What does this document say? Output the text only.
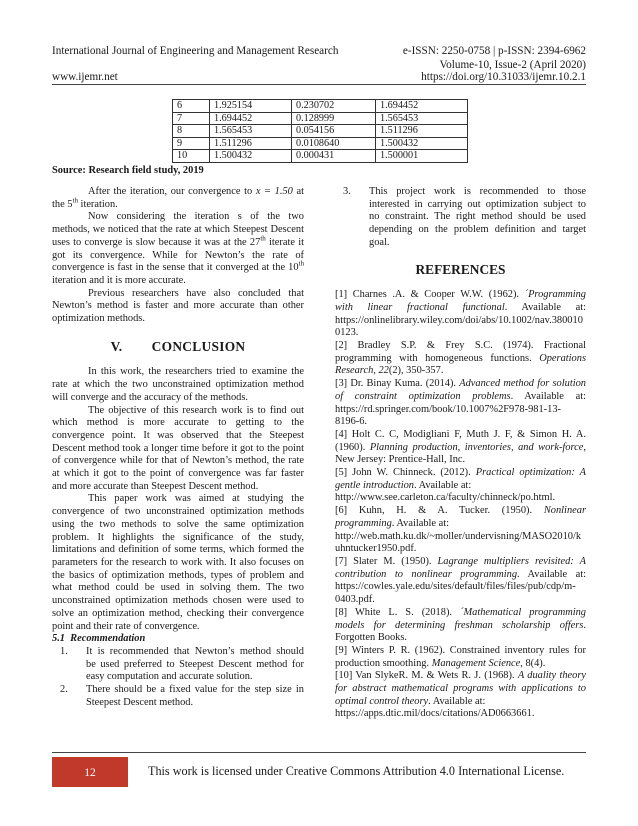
International Journal of Engineering and Management Research	e-ISSN: 2250-0758 | p-ISSN: 2394-6962
Volume-10, Issue-2 (April 2020)
www.ijemr.net	https://doi.org/10.31033/ijemr.10.2.1
6	1.925154	0.230702	1.694452
7	1.694452	0.128999	1.565453
8	1.565453	0.054156	1.511296
9	1.511296	0.0108640	1.500432
10	1.500432	0.000431	1.500001
Source: Research field study, 2019

After the iteration, our convergence to x = 1.50 at
the 5th iteration.

Now considering the iteration s of the two
methods, we noticed that the rate at which Steepest Descent
uses to converge is slow because it was at the 27th iterate it
got its convergence. While for Newton’s the rate of
convergence is fast in the sense that it converged at the 10th
iteration and it is more accurate.

Previous researchers have also concluded that
Newton’s method is faster and more accurate than other
optimization methods.

V.        CONCLUSION

In this work, the researchers tried to examine the
rate at which the two unconstrained optimization method
will converge and the accuracy of the methods.

The objective of this research work is to find out
which method is more accurate to getting to the
convergence point. It was observed that the Steepest
Descent method took a longer time before it got to the point
of convergence while for that of Newton’s method, the rate
at which it got to the point of convergence was far faster
and more accurate than Steepest Descent method.

This paper work was aimed at studying the
convergence of two unconstrained optimization methods
using the two methods to solve the same optimization
problem. It highlights the significance of the study,
limitations and definition of some terms, which formed the
parameters for the research to work with. It also focuses on
the basics of optimization methods, types of problem and
what method could be used in solving them. The two
unconstrained optimization methods chosen were used to
solve an optimization method, checking their convergence
point and their rate of convergence.

5.1  Recommendation
1.	It is recommended that Newton’s method should
be used preferred to Steepest Descent method for
easy computation and accurate solution.
2.	There should be a fixed value for the step size in
Steepest Descent method.
3.	This project work is recommended to those
interested in carrying out optimization subject to
no constraint. The right method should be used
depending on the problem definition and target
goal.
REFERENCES
[1] Charnes .A. & Cooper W.W. (1962). ´Programming
with linear fractional functional. Available at:
https://onlinelibrary.wiley.com/doi/abs/10.1002/nav.380010
0123.
[2] Bradley S.P. & Frey S.C. (1974). Fractional
programming with homogeneous functions. Operations
Research, 22(2), 350-357.
[3] Dr. Binay Kuma. (2014). Advanced method for solution
of constraint optimization problems. Available at:
https://rd.springer.com/book/10.1007%2F978-981-13-
8196-6.
[4] Holt C. C, Modigliani F, Muth J. F, & Simon H. A.
(1960). Planning production, inventories, and work-force,
New Jersey: Prentice-Hall, Inc.
[5] John W. Chinneck. (2012). Practical optimization: A
gentle introduction. Available at:
http://www.see.carleton.ca/faculty/chinneck/po.html.
[6] Kuhn, H. & A. Tucker. (1950). Nonlinear
programming. Available at:
http://web.math.ku.dk/~moller/undervisning/MASO2010/k
uhntucker1950.pdf.
[7] Slater M. (1950). Lagrange multipliers revisited: A
contribution to nonlinear programming. Available at:
https://cowles.yale.edu/sites/default/files/files/pub/cdp/m-
0403.pdf.
[8] White L. S. (2018). ´Mathematical programming
models for determining freshman scholarship offers.
Forgotten Books.
[9] Winters P. R. (1962). Constrained inventory rules for
production smoothing. Management Science, 8(4).
[10] Van SlykeR. M. & Wets R. J. (1968). A duality theory
for abstract mathematical programs with applications to
optimal control theory. Available at:
https://apps.dtic.mil/docs/citations/AD0663661.
12	This work is licensed under Creative Commons Attribution 4.0 International License.
